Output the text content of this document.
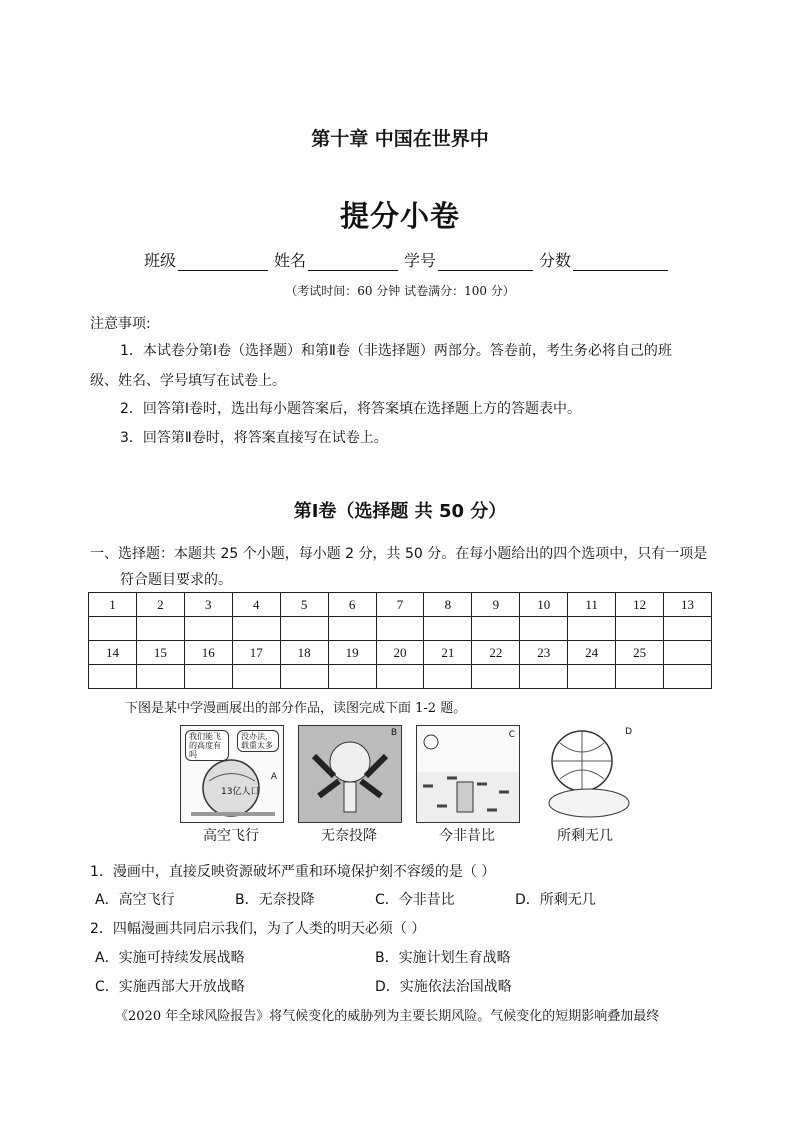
第十章 中国在世界中
提分小卷
班级	姓名	学号	分数
（考试时间：60 分钟 试卷满分：100 分）
注意事项:
1．本试卷分第Ⅰ卷（选择题）和第Ⅱ卷（非选择题）两部分。答卷前，考生务必将自己的班
级、姓名、学号填写在试卷上。
2．回答第Ⅰ卷时，选出每小题答案后，将答案填在选择题上方的答题表中。
3．回答第Ⅱ卷时，将答案直接写在试卷上。
第Ⅰ卷（选择题 共 50 分）
一、选择题：本题共 25 个小题，每小题 2 分，共 50 分。在每小题给出的四个选项中，只有一项是
符合题目要求的。
1	2	3	4	5	6	7	8	9	10	11	12	13

14	15	16	17	18	19	20	21	22	23	24	25	

下图是某中学漫画展出的部分作品，读图完成下面 1-2 题。
我们能飞的高度有吗
没办法，载重太多
13亿人口
A
高空飞行
B
无奈投降
C
今非昔比
D
所剩无几
1．漫画中，直接反映资源破坏严重和环境保护刻不容缓的是（ ）
A．高空飞行	B．无奈投降	C．今非昔比	D．所剩无几
2．四幅漫画共同启示我们，为了人类的明天必须（ ）
A．实施可持续发展战略	B．实施计划生育战略
C．实施西部大开放战略	D．实施依法治国战略
《2020 年全球风险报告》将气候变化的威胁列为主要长期风险。气候变化的短期影响叠加最终
